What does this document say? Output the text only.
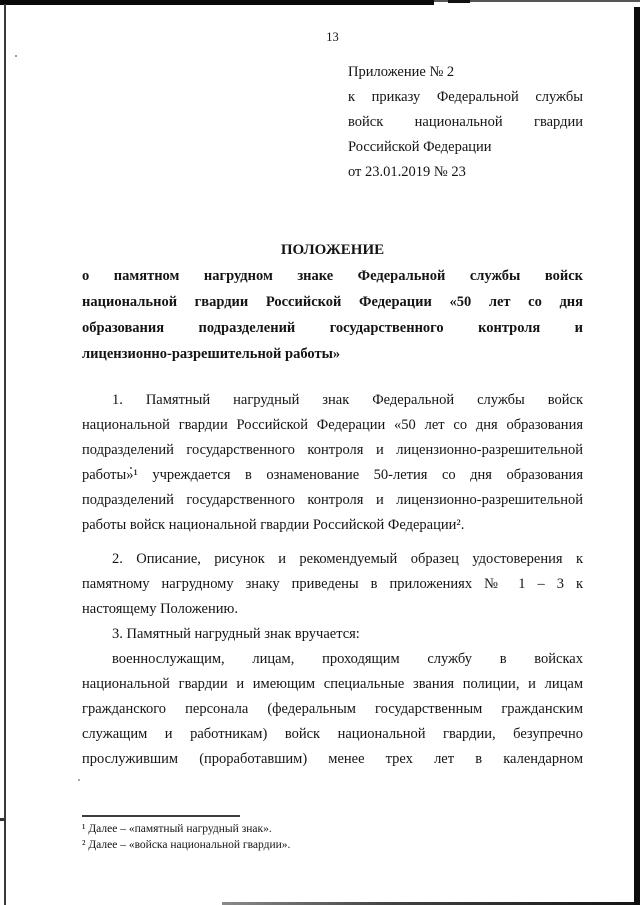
13
Приложение № 2
к приказу Федеральной службы
войск национальной гвардии
Российской Федерации
от 23.01.2019 № 23
ПОЛОЖЕНИЕ
о памятном нагрудном знаке Федеральной службы войск
национальной гвардии Российской Федерации «50 лет со дня
образования подразделений государственного контроля и
лицензионно-разрешительной работы»
1. Памятный нагрудный знак Федеральной службы войск
национальной гвардии Российской Федерации «50 лет со дня образования
подразделений государственного контроля и лицензионно-разрешительной
работы»¹ учреждается в ознаменование 50-летия со дня образования
подразделений государственного контроля и лицензионно-разрешительной
работы войск национальной гвардии Российской Федерации².
2. Описание, рисунок и рекомендуемый образец удостоверения к
памятному нагрудному знаку приведены в приложениях № 1 – 3 к
настоящему Положению.
3. Памятный нагрудный знак вручается:
военнослужащим, лицам, проходящим службу в войсках
национальной гвардии и имеющим специальные звания полиции, и лицам
гражданского персонала (федеральным государственным гражданским
служащим и работникам) войск национальной гвардии, безупречно
прослужившим (проработавшим) менее трех лет в календарном
¹ Далее – «памятный нагрудный знак».
² Далее – «войска национальной гвардии».
